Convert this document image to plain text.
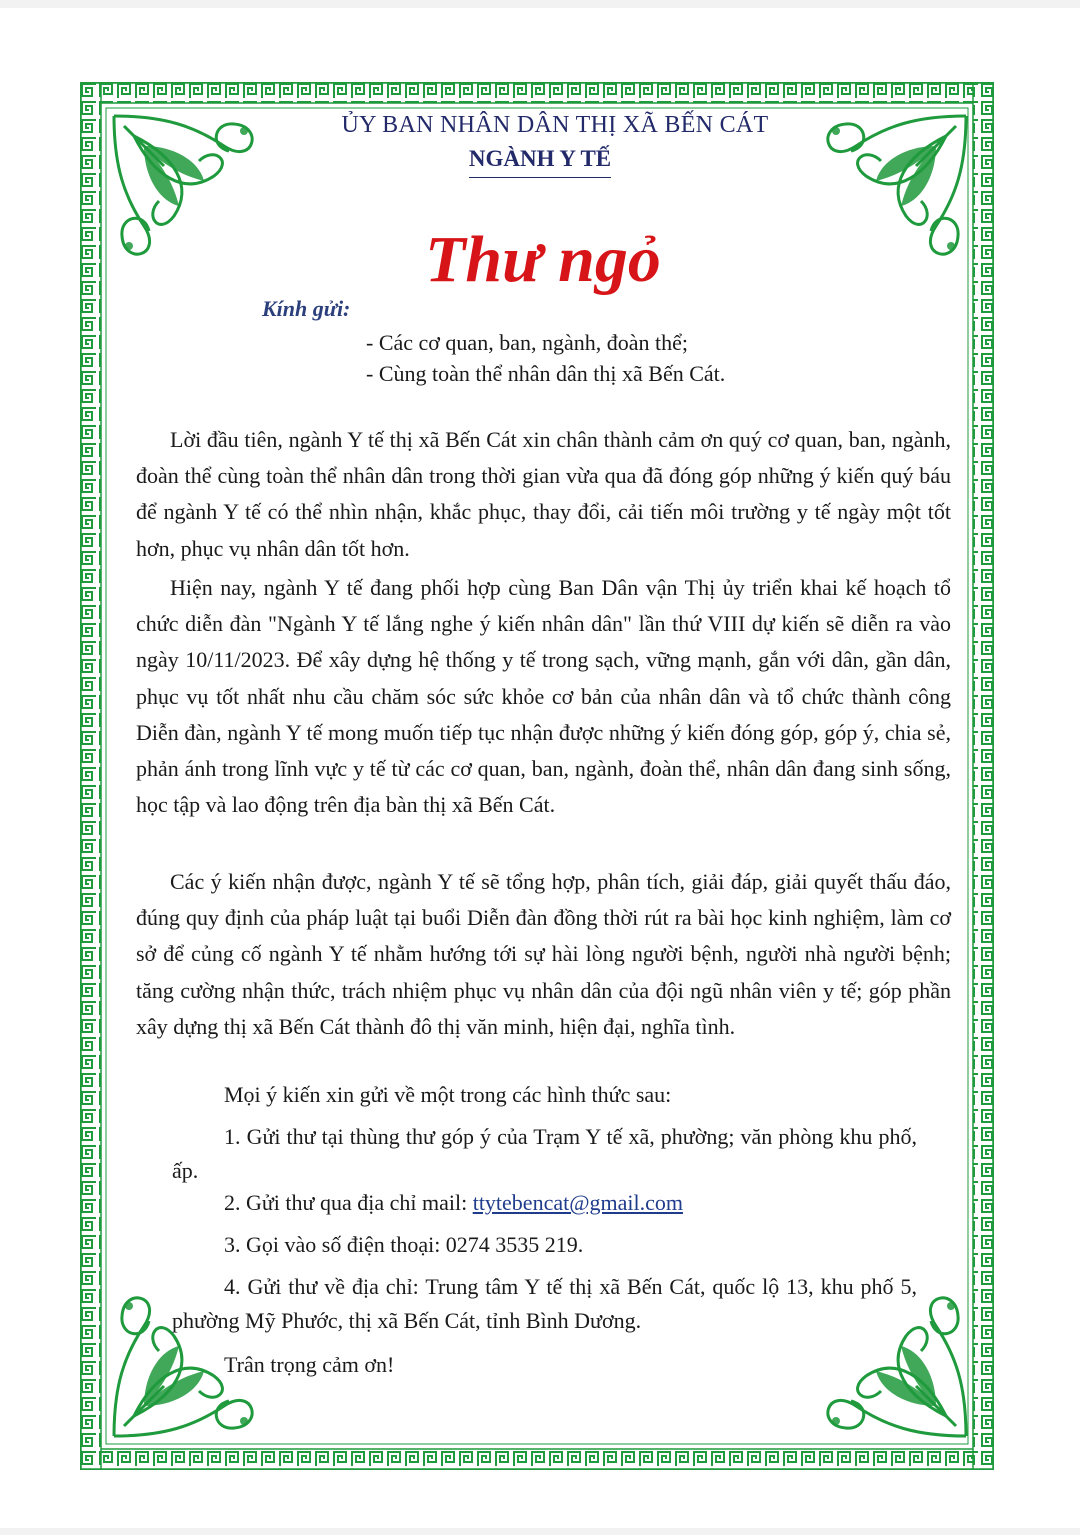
ỦY BAN NHÂN DÂN THỊ XÃ BẾN CÁT
NGÀNH Y TẾ
Thư ngỏ
Kính gửi:
- Các cơ quan, ban, ngành, đoàn thể;
- Cùng toàn thể nhân dân thị xã Bến Cát.

Lời đầu tiên, ngành Y tế thị xã Bến Cát xin chân thành cảm ơn quý cơ quan, ban, ngành, đoàn thể cùng toàn thể nhân dân trong thời gian vừa qua đã đóng góp những ý kiến quý báu để ngành Y tế có thể nhìn nhận, khắc phục, thay đổi, cải tiến môi trường y tế ngày một tốt hơn, phục vụ nhân dân tốt hơn.

Hiện nay, ngành Y tế đang phối hợp cùng Ban Dân vận Thị ủy triển khai kế hoạch tổ chức diễn đàn "Ngành Y tế lắng nghe ý kiến nhân dân" lần thứ VIII dự kiến sẽ diễn ra vào ngày 10/11/2023. Để xây dựng hệ thống y tế trong sạch, vững mạnh, gắn với dân, gần dân, phục vụ tốt nhất nhu cầu chăm sóc sức khỏe cơ bản của nhân dân và tổ chức thành công Diễn đàn, ngành Y tế mong muốn tiếp tục nhận được những ý kiến đóng góp, góp ý, chia sẻ, phản ánh trong lĩnh vực y tế từ các cơ quan, ban, ngành, đoàn thể, nhân dân đang sinh sống, học tập và lao động trên địa bàn thị xã Bến Cát.

Các ý kiến nhận được, ngành Y tế sẽ tổng hợp, phân tích, giải đáp, giải quyết thấu đáo, đúng quy định của pháp luật tại buổi Diễn đàn đồng thời rút ra bài học kinh nghiệm, làm cơ sở để củng cố ngành Y tế nhằm hướng tới sự hài lòng người bệnh, người nhà người bệnh; tăng cường nhận thức, trách nhiệm phục vụ nhân dân của đội ngũ nhân viên y tế; góp phần xây dựng thị xã Bến Cát thành đô thị văn minh, hiện đại, nghĩa tình.

Mọi ý kiến xin gửi về một trong các hình thức sau:

1. Gửi thư tại thùng thư góp ý của Trạm Y tế xã, phường; văn phòng khu phố, ấp.

2. Gửi thư qua địa chỉ mail: ttytebencat@gmail.com
3. Gọi vào số điện thoại: 0274 3535 219.

4. Gửi thư về địa chỉ: Trung tâm Y tế thị xã Bến Cát, quốc lộ 13, khu phố 5, phường Mỹ Phước, thị xã Bến Cát, tỉnh Bình Dương.

Trân trọng cảm ơn!
